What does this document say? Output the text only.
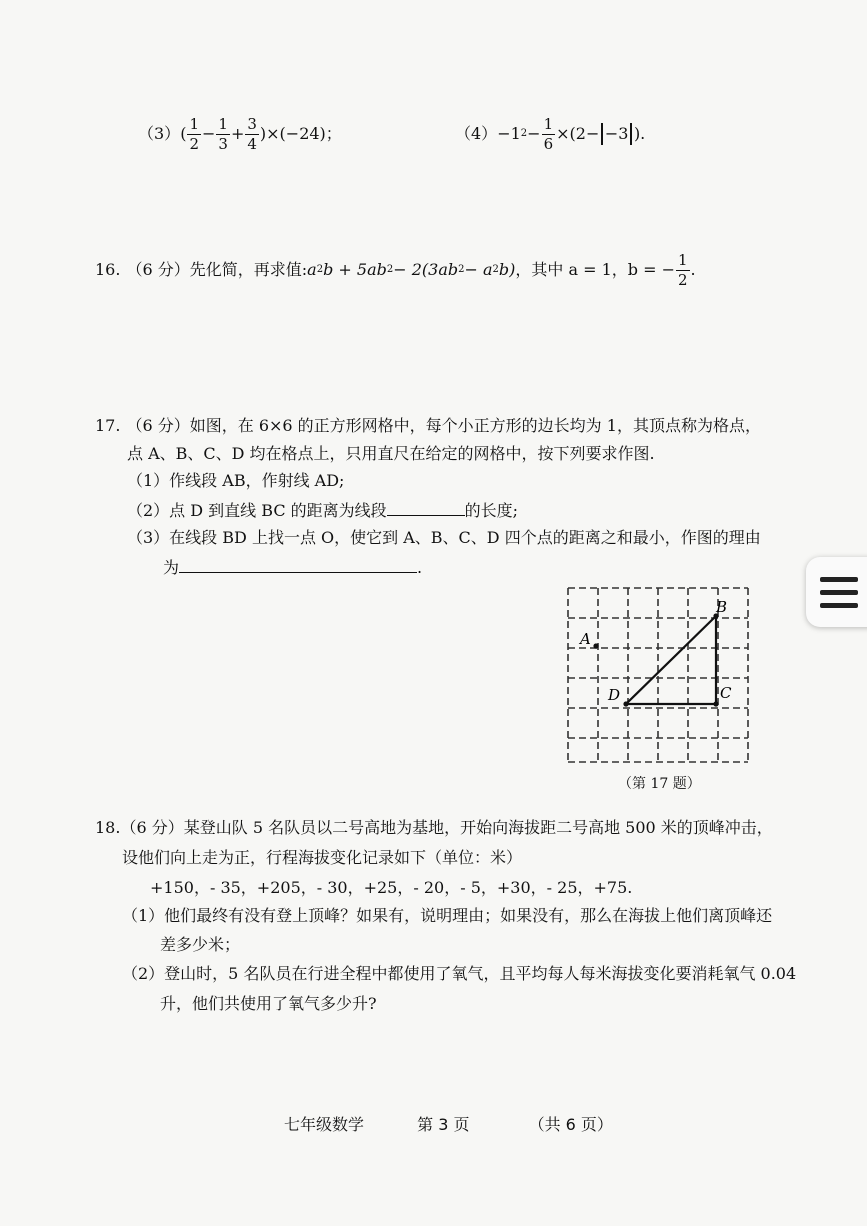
（3） ( $\frac{1}{2} - \frac{1}{3} + \frac{3}{4} )\times(-24)$；	（4） −1 $2 - \frac{1}{6} \times(2- -3$ ).
16. （6 分） 先化简，再求值: a 2 b + 5ab 2 − 2(3ab 2 − a 2 b) ，其中 a = 1，b = − $\frac{1}{2}$ .
17. （6 分）如图，在 6×6 的正方形网格中，每个小正方形的边长均为 1，其顶点称为格点，
点 A、B、C、D 均在格点上，只用直尺在给定的网格中，按下列要求作图.
（1）作线段 AB，作射线 AD;
（2）点 D 到直线 BC 的距离为线段	的长度;
（3）在线段 BD 上找一点 O，使它到 A、B、C、D 四个点的距离之和最小，作图的理由
为	.
A
B
C
D
（第 17 题）
18.（6 分）某登山队 5 名队员以二号高地为基地，开始向海拔距二号高地 500 米的顶峰冲击，
设他们向上走为正，行程海拔变化记录如下（单位：米）
+150，- 35，+205，- 30，+25，- 20，- 5，+30，- 25，+75.
（1）他们最终有没有登上顶峰？如果有，说明理由；如果没有，那么在海拔上他们离顶峰还
差多少米；
（2）登山时，5 名队员在行进全程中都使用了氧气，且平均每人每米海拔变化要消耗氧气 0.04
升，他们共使用了氧气多少升?
七年级数学	第 3 页	（共 6 页）
